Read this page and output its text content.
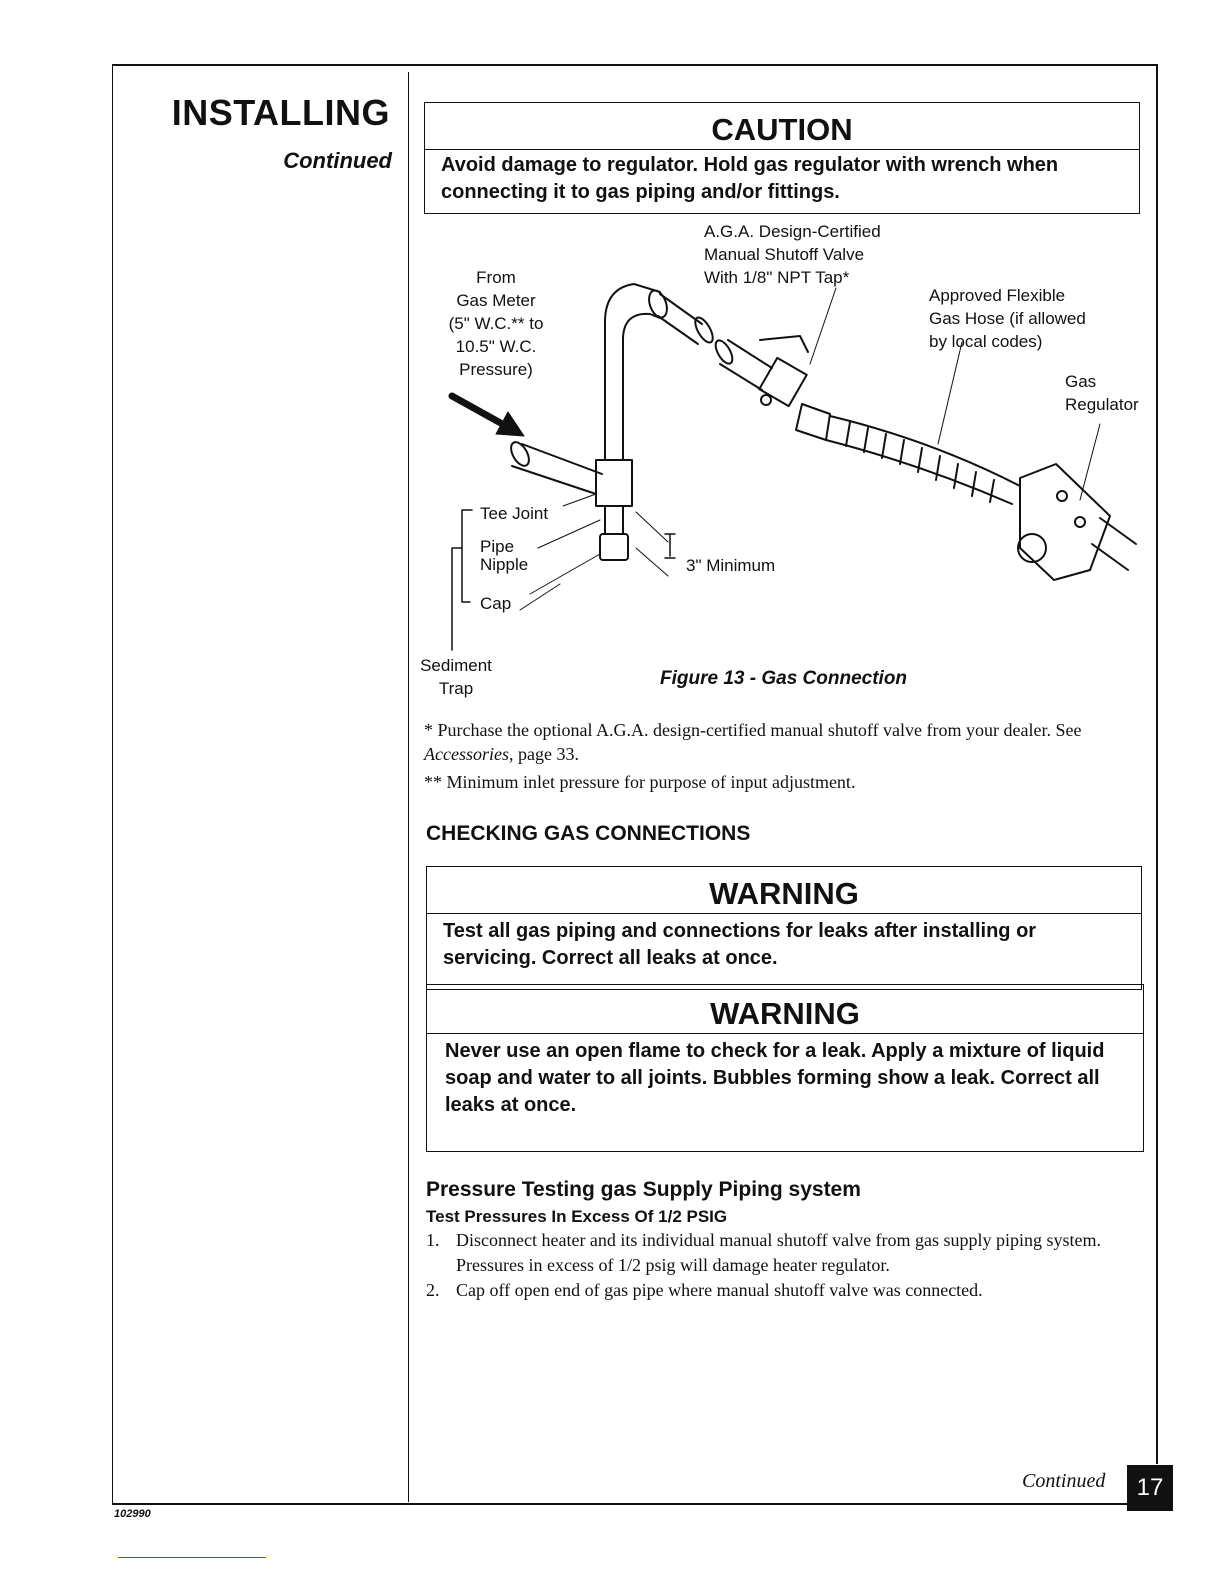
INSTALLING
Continued
CAUTION
Avoid damage to regulator. Hold gas regulator with wrench when connecting it to gas piping and/or fittings.
From
Gas Meter
(5" W.C.** to
10.5" W.C.
Pressure)
A.G.A. Design-Certified
Manual Shutoff Valve
With 1/8" NPT Tap*
Approved Flexible
Gas Hose (if allowed
by local codes)
Gas
Regulator
Tee Joint
Pipe
Nipple
Cap
3" Minimum
Sediment
Trap	Figure 13 - Gas Connection
* Purchase the optional A.G.A. design-certified manual shutoff valve from your dealer. See Accessories, page 33.
** Minimum inlet pressure for purpose of input adjustment.
CHECKING GAS CONNECTIONS
WARNING
Test all gas piping and connections for leaks after installing or servicing. Correct all leaks at once.
WARNING
Never use an open flame to check for a leak. Apply a mixture of liquid soap and water to all joints. Bubbles forming show a leak. Correct all leaks at once.
Pressure Testing gas Supply Piping system
Test Pressures In Excess Of 1/2 PSIG
1. Disconnect heater and its individual manual shutoff valve from gas supply piping system. Pressures in excess of 1/2 psig will damage heater regulator.
2. Cap off open end of gas pipe where manual shutoff valve was connected.
Continued	17
102990
